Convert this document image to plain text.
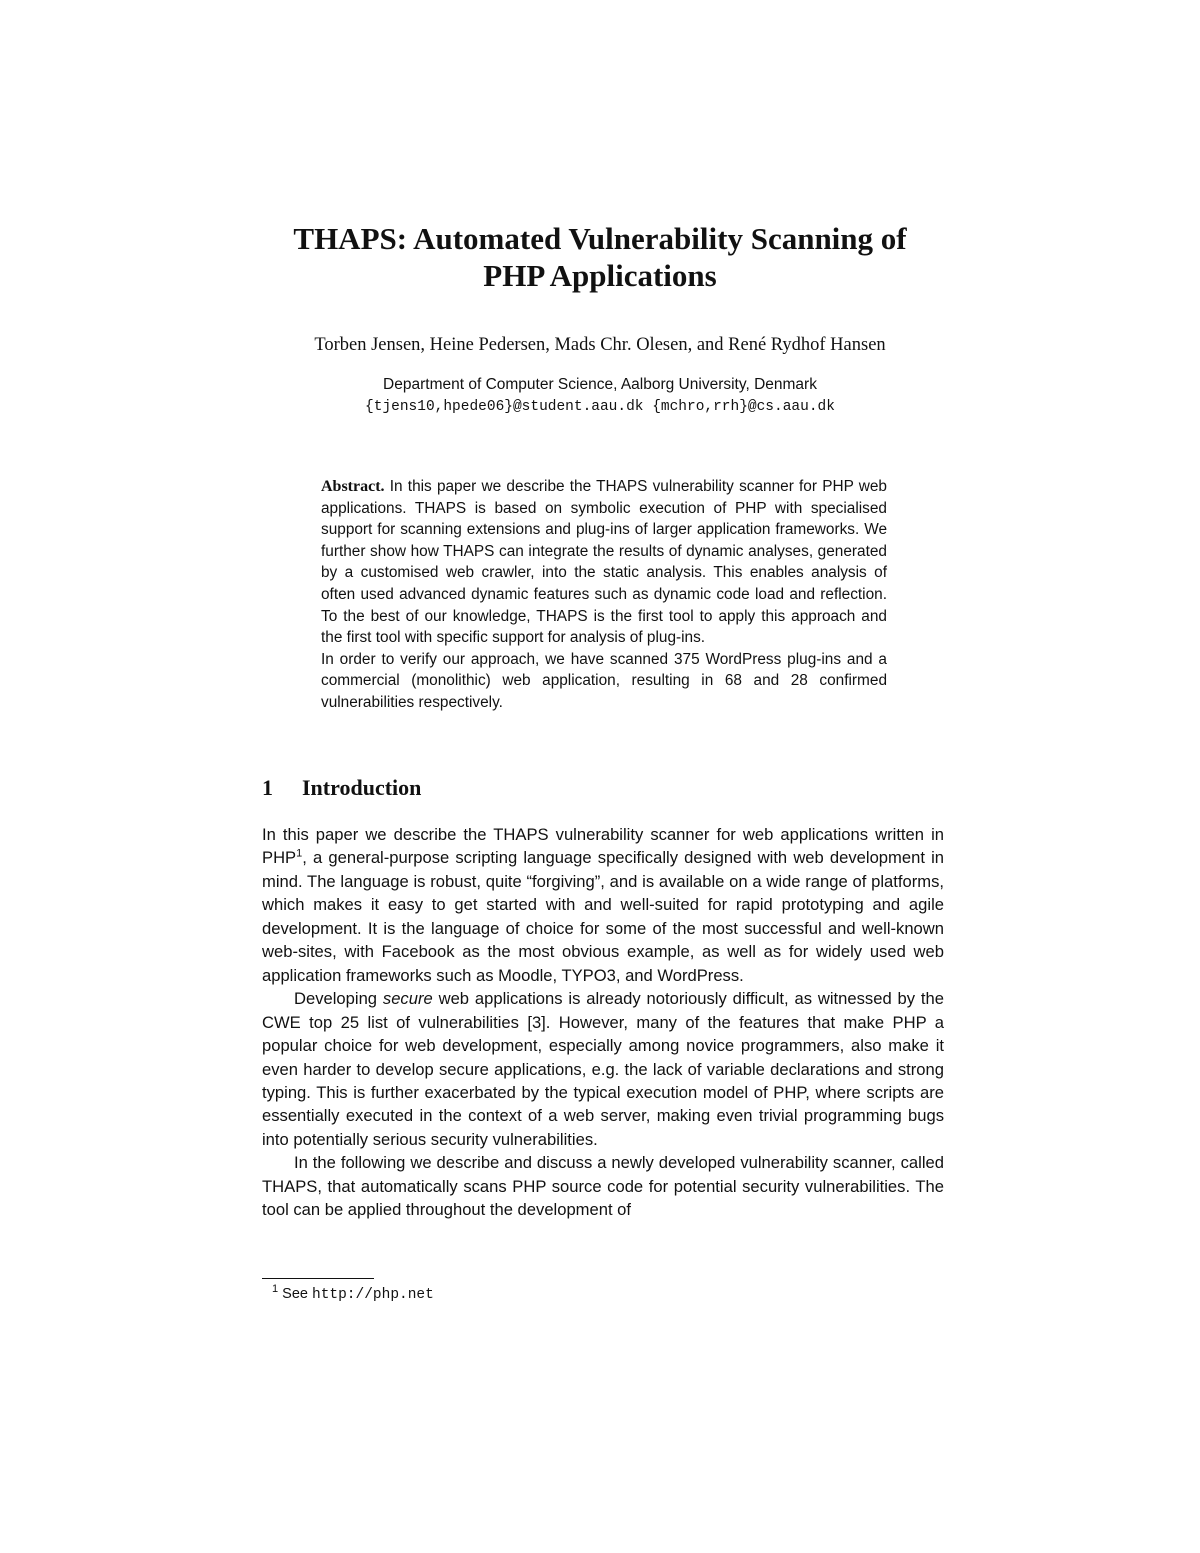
THAPS: Automated Vulnerability Scanning of
PHP Applications
Torben Jensen, Heine Pedersen, Mads Chr. Olesen, and René Rydhof Hansen
Department of Computer Science, Aalborg University, Denmark
{tjens10,hpede06}@student.aau.dk {mchro,rrh}@cs.aau.dk

Abstract. In this paper we describe the THAPS vulnerability scanner for PHP web applications. THAPS is based on symbolic execution of PHP with specialised support for scanning extensions and plug-ins of larger application frameworks. We further show how THAPS can integrate the results of dynamic analyses, generated by a customised web crawler, into the static analysis. This enables analysis of often used advanced dynamic features such as dynamic code load and reflection. To the best of our knowledge, THAPS is the first tool to apply this approach and the first tool with specific support for analysis of plug-ins.

In order to verify our approach, we have scanned 375 WordPress plug-ins and a commercial (monolithic) web application, resulting in 68 and 28 confirmed vulnerabilities respectively.

1 Introduction

In this paper we describe the THAPS vulnerability scanner for web applications written in PHP$^1$, a general-purpose scripting language specifically designed with web development in mind. The language is robust, quite “forgiving”, and is available on a wide range of platforms, which makes it easy to get started with and well-suited for rapid prototyping and agile development. It is the language of choice for some of the most successful and well-known web-sites, with Facebook as the most obvious example, as well as for widely used web application frameworks such as Moodle, TYPO3, and WordPress.

Developing secure web applications is already notoriously difficult, as witnessed by the CWE top 25 list of vulnerabilities [3]. However, many of the features that make PHP a popular choice for web development, especially among novice programmers, also make it even harder to develop secure applications, e.g. the lack of variable declarations and strong typing. This is further exacerbated by the typical execution model of PHP, where scripts are essentially executed in the context of a web server, making even trivial programming bugs into potentially serious security vulnerabilities.

In the following we describe and discuss a newly developed vulnerability scanner, called THAPS, that automatically scans PHP source code for potential security vulnerabilities. The tool can be applied throughout the development of

$^1$ See http://php.net
